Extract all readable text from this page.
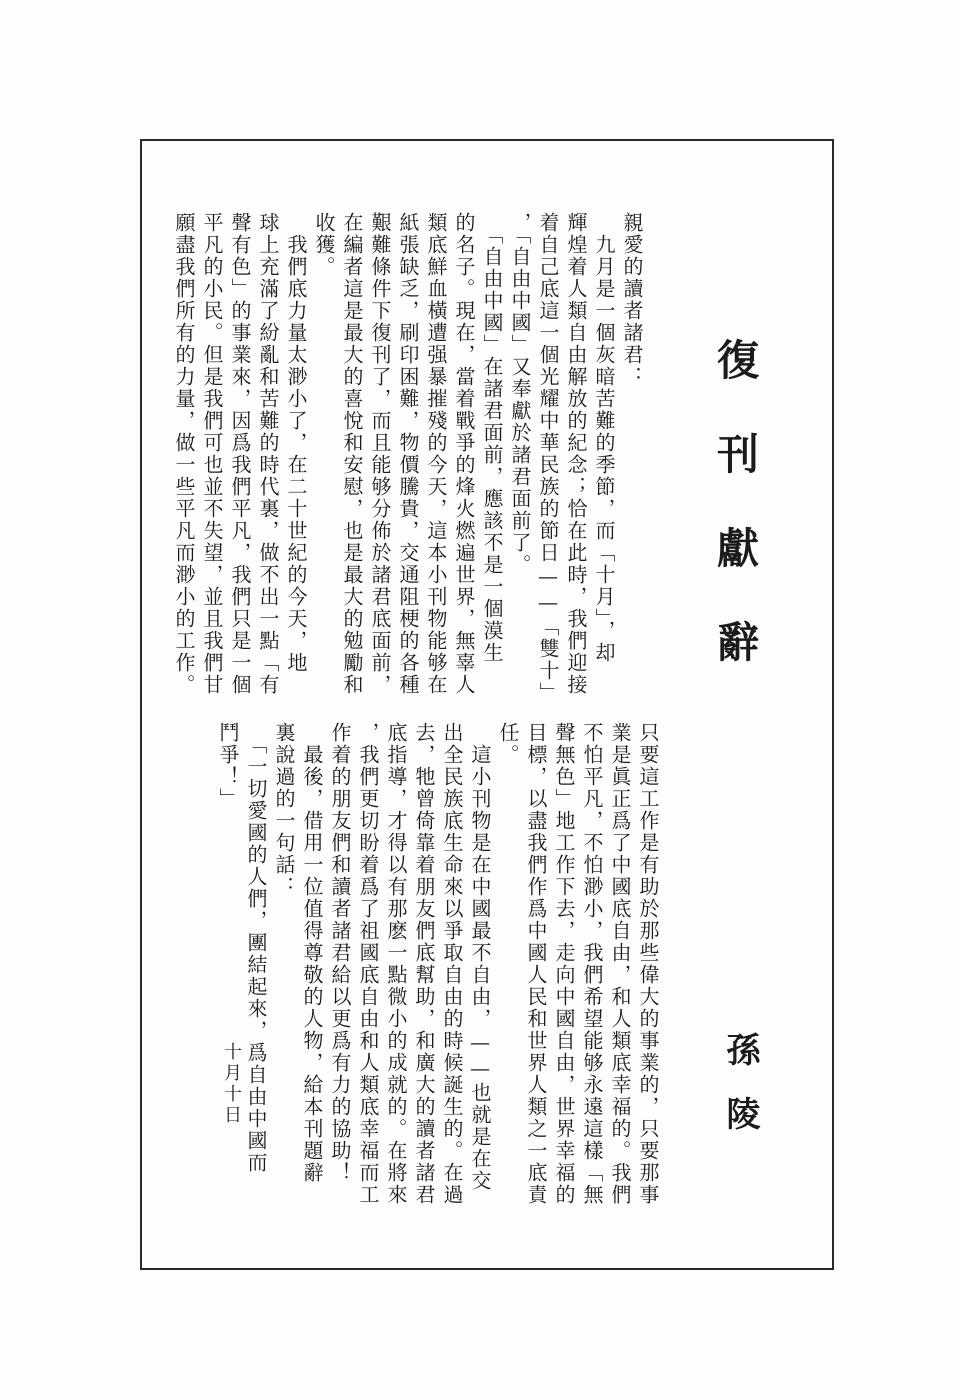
復刊獻辭

親愛的讀者諸君：
　九月是一個灰暗苦難的季節，而「十月」，却
輝煌着人類自由解放的紀念；恰在此時，我們迎接
着自己底這一個光耀中華民族的節日——「雙十」
，「自由中國」又奉獻於諸君面前了。
　「自由中國」在諸君面前，應該不是一個漠生
的名子。現在，當着戰爭的烽火燃遍世界，無辜人
類底鮮血橫遭强暴摧殘的今天，這本小刊物能够在
紙張缺乏，刷印困難，物價騰貴，交通阻梗的各種
艱難條件下復刊了，而且能够分佈於諸君底面前，
在編者這是最大的喜悅和安慰，也是最大的勉勵和
收獲。
　我們底力量太渺小了，在二十世紀的今天，地
球上充滿了紛亂和苦難的時代裏，做不出一點「有
聲有色」的事業來，因爲我們平凡，我們只是一個
平凡的小民。但是我們可也並不失望，並且我們甘
願盡我們所有的力量，做一些平凡而渺小的工作。

只要這工作是有助於那些偉大的事業的，只要那事
業是眞正爲了中國底自由，和人類底幸福的。我們
不怕平凡，不怕渺小，我們希望能够永遠這樣「無
聲無色」地工作下去，走向中國自由，世界幸福的
目標，以盡我們作爲中國人民和世界人類之一底責
任。
　這小刊物是在中國最不自由，——也就是在交
出全民族底生命來以爭取自由的時候誕生的。在過
去，牠曾倚靠着朋友們底幫助，和廣大的讀者諸君
底指導，才得以有那麽一點微小的成就的。在將來
，我們更切盼着爲了祖國底自由和人類底幸福而工
作着的朋友們和讀者諸君給以更爲有力的協助！
　最後，借用一位值得尊敬的人物，給本刊題辭
裏說過的一句話：
　「一切愛國的人們，團結起來，爲自由中國而
鬥爭！」

孫陵
十月十日
